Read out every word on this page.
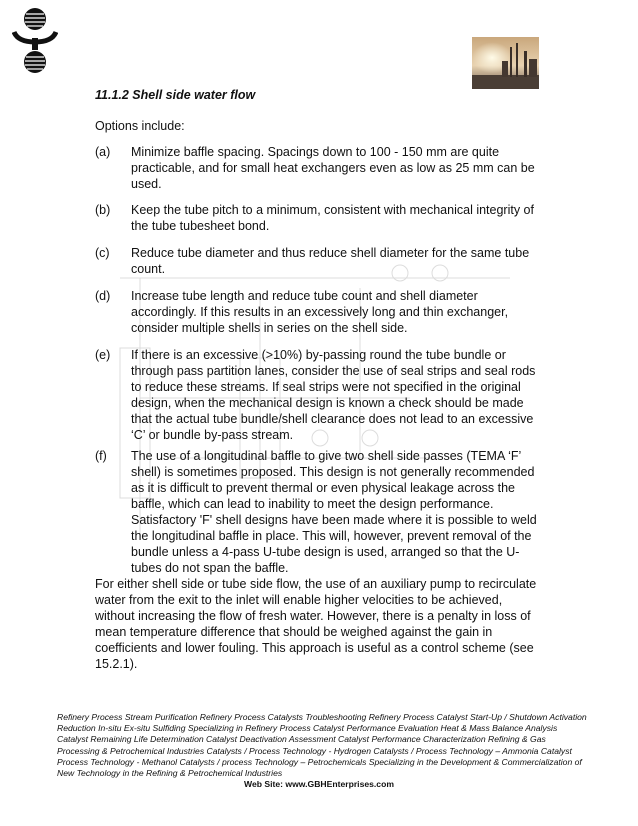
11.1.2 Shell side water flow
Options include:
(a) Minimize baffle spacing. Spacings down to 100 - 150 mm are quite practicable, and for small heat exchangers even as low as 25 mm can be used.
(b) Keep the tube pitch to a minimum, consistent with mechanical integrity of the tube tubesheet bond.
(c) Reduce tube diameter and thus reduce shell diameter for the same tube count.
(d) Increase tube length and reduce tube count and shell diameter accordingly. If this results in an excessively long and thin exchanger, consider multiple shells in series on the shell side.
(e) If there is an excessive (>10%) by-passing round the tube bundle or through pass partition lanes, consider the use of seal strips and seal rods to reduce these streams. If seal strips were not specified in the original design, when the mechanical design is known a check should be made that the actual tube bundle/shell clearance does not lead to an excessive ‘C’ or bundle by-pass stream.
(f) The use of a longitudinal baffle to give two shell side passes (TEMA ‘F’ shell) is sometimes proposed. This design is not generally recommended as it is difficult to prevent thermal or even physical leakage across the baffle, which can lead to inability to meet the design performance. Satisfactory 'F' shell designs have been made where it is possible to weld the longitudinal baffle in place. This will, however, prevent removal of the bundle unless a 4-pass U-tube design is used, arranged so that the U-tubes do not span the baffle.
For either shell side or tube side flow, the use of an auxiliary pump to recirculate water from the exit to the inlet will enable higher velocities to be achieved, without increasing the flow of fresh water. However, there is a penalty in loss of mean temperature difference that should be weighed against the gain in coefficients and lower fouling. This approach is useful as a control scheme (see 15.2.1).
Refinery Process Stream Purification Refinery Process Catalysts Troubleshooting Refinery Process Catalyst Start-Up / Shutdown Activation Reduction In-situ Ex-situ Sulfiding Specializing in Refinery Process Catalyst Performance Evaluation Heat & Mass Balance Analysis Catalyst Remaining Life Determination Catalyst Deactivation Assessment Catalyst Performance Characterization Refining & Gas Processing & Petrochemical Industries Catalysts / Process Technology - Hydrogen Catalysts / Process Technology – Ammonia Catalyst Process Technology - Methanol Catalysts / process Technology – Petrochemicals Specializing in the Development & Commercialization of New Technology in the Refining & Petrochemical Industries
Web Site: www.GBHEnterprises.com
